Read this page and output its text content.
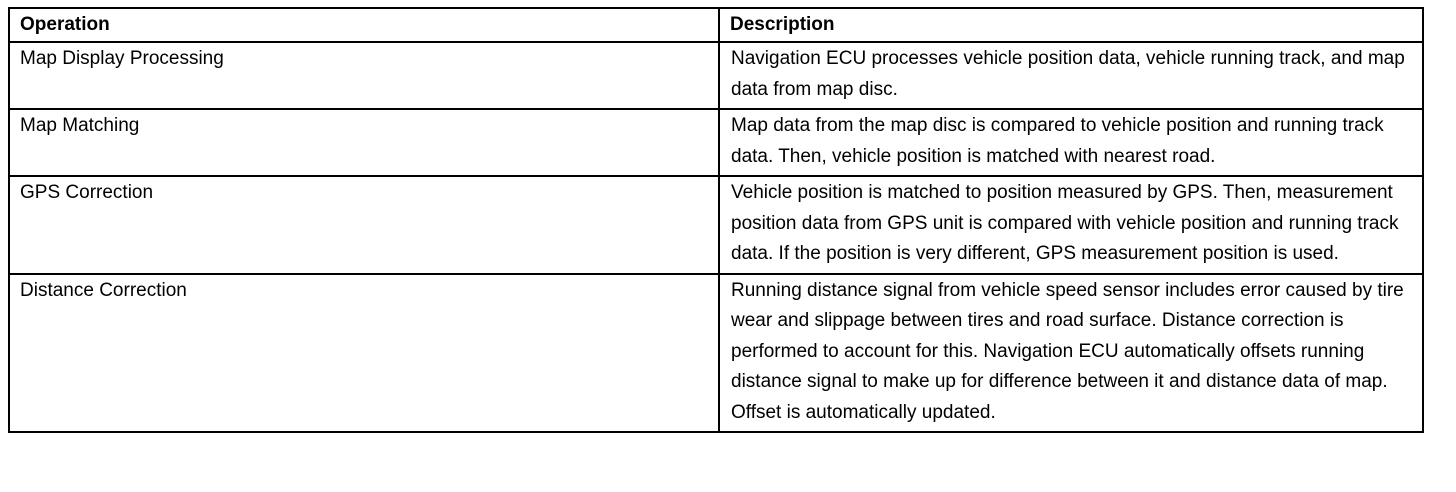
Operation	Description
Map Display Processing	Navigation ECU processes vehicle position data, vehicle running track, and map data from map disc.
Map Matching	Map data from the map disc is compared to vehicle position and running track data. Then, vehicle position is matched with nearest road.
GPS Correction	Vehicle position is matched to position measured by GPS. Then, measurement position data from GPS unit is compared with vehicle position and running track data. If the position is very different, GPS measurement position is used.
Distance Correction	Running distance signal from vehicle speed sensor includes error caused by tire wear and slippage between tires and road surface. Distance correction is performed to account for this. Navigation ECU automatically offsets running distance signal to make up for difference between it and distance data of map. Offset is automatically updated.
